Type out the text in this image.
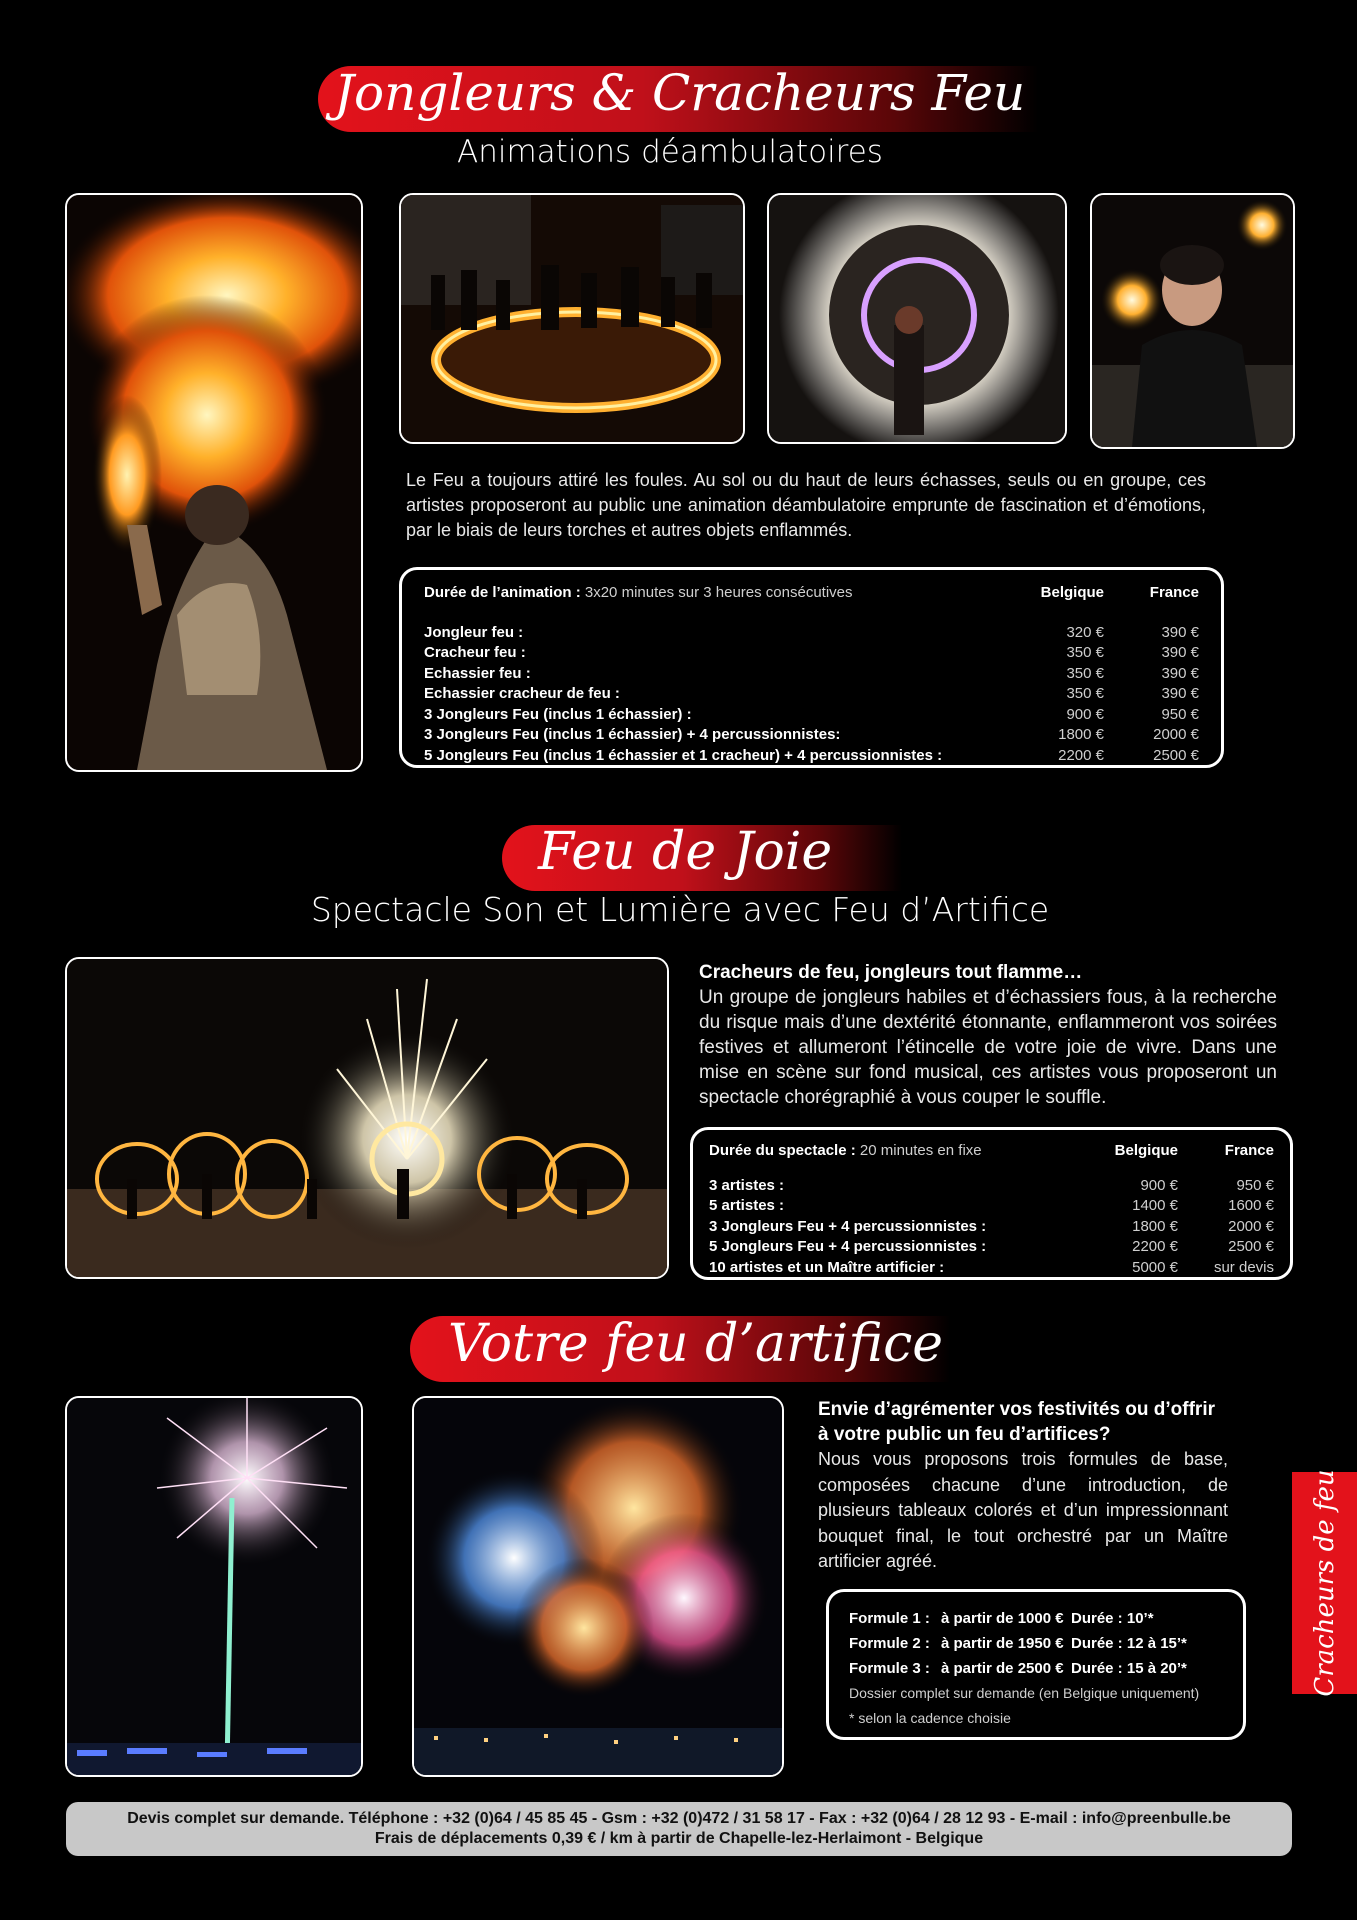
Jongleurs & Cracheurs Feu
Animations déambulatoires
Le Feu a toujours attiré les foules. Au sol ou du haut de leurs échasses, seuls ou en groupe, ces artistes proposeront au public une animation déambulatoire emprunte de fascination et d’émotions, par le biais de leurs torches et autres objets enflammés.
Durée de l’animation : 3x20 minutes sur 3 heures consécutives	Belgique	France

Jongleur feu :	320 €	390 €
Cracheur feu :	350 €	390 €
Echassier feu :	350 €	390 €
Echassier cracheur de feu :	350 €	390 €
3 Jongleurs Feu (inclus 1 échassier) :	900 €	950 €
3 Jongleurs Feu (inclus 1 échassier) + 4 percussionnistes:	1800 €	2000 €
5 Jongleurs Feu (inclus 1 échassier et 1 cracheur) + 4 percussionnistes :	2200 €	2500 €
Feu de Joie
Spectacle Son et Lumière avec Feu d’Artifice
Cracheurs de feu, jongleurs tout flamme…
Un groupe de jongleurs habiles et d’échassiers fous, à la recherche du risque mais d’une dextérité étonnante, enflammeront vos soirées festives et allumeront l’étincelle de votre joie de vivre. Dans une mise en scène sur fond musical, ces artistes vous proposeront un spectacle chorégraphié à vous couper le souffle.
Durée du spectacle : 20 minutes en fixe	Belgique	France

3 artistes :	900 €	950 €
5 artistes :	1400 €	1600 €
3 Jongleurs Feu + 4 percussionnistes :	1800 €	2000 €
5 Jongleurs Feu + 4 percussionnistes :	2200 €	2500 €
10 artistes et un Maître artificier :	5000 €	sur devis
Votre feu d’artifice
Envie d’agrémenter vos festivités ou d’offrir
à votre public un feu d’artifices?
Nous vous proposons trois formules de base, composées chacune d’une introduction, de plusieurs tableaux colorés et d’un impressionnant bouquet final, le tout orchestré par un Maître artificier agréé.
Formule 1 :	à partir de 1000 €	Durée : 10’*
Formule 2 :	à partir de 1950 €	Durée : 12 à 15’*
Formule 3 :	à partir de 2500 €	Durée : 15 à 20’*
Dossier complet sur demande (en Belgique uniquement)
* selon la cadence choisie
Cracheurs de feu
Devis complet sur demande. Téléphone : +32 (0)64 / 45 85 45 - Gsm : +32 (0)472 / 31 58 17 - Fax : +32 (0)64 / 28 12 93 - E-mail : info@preenbulle.be
Frais de déplacements 0,39 € / km à partir de Chapelle-lez-Herlaimont - Belgique
